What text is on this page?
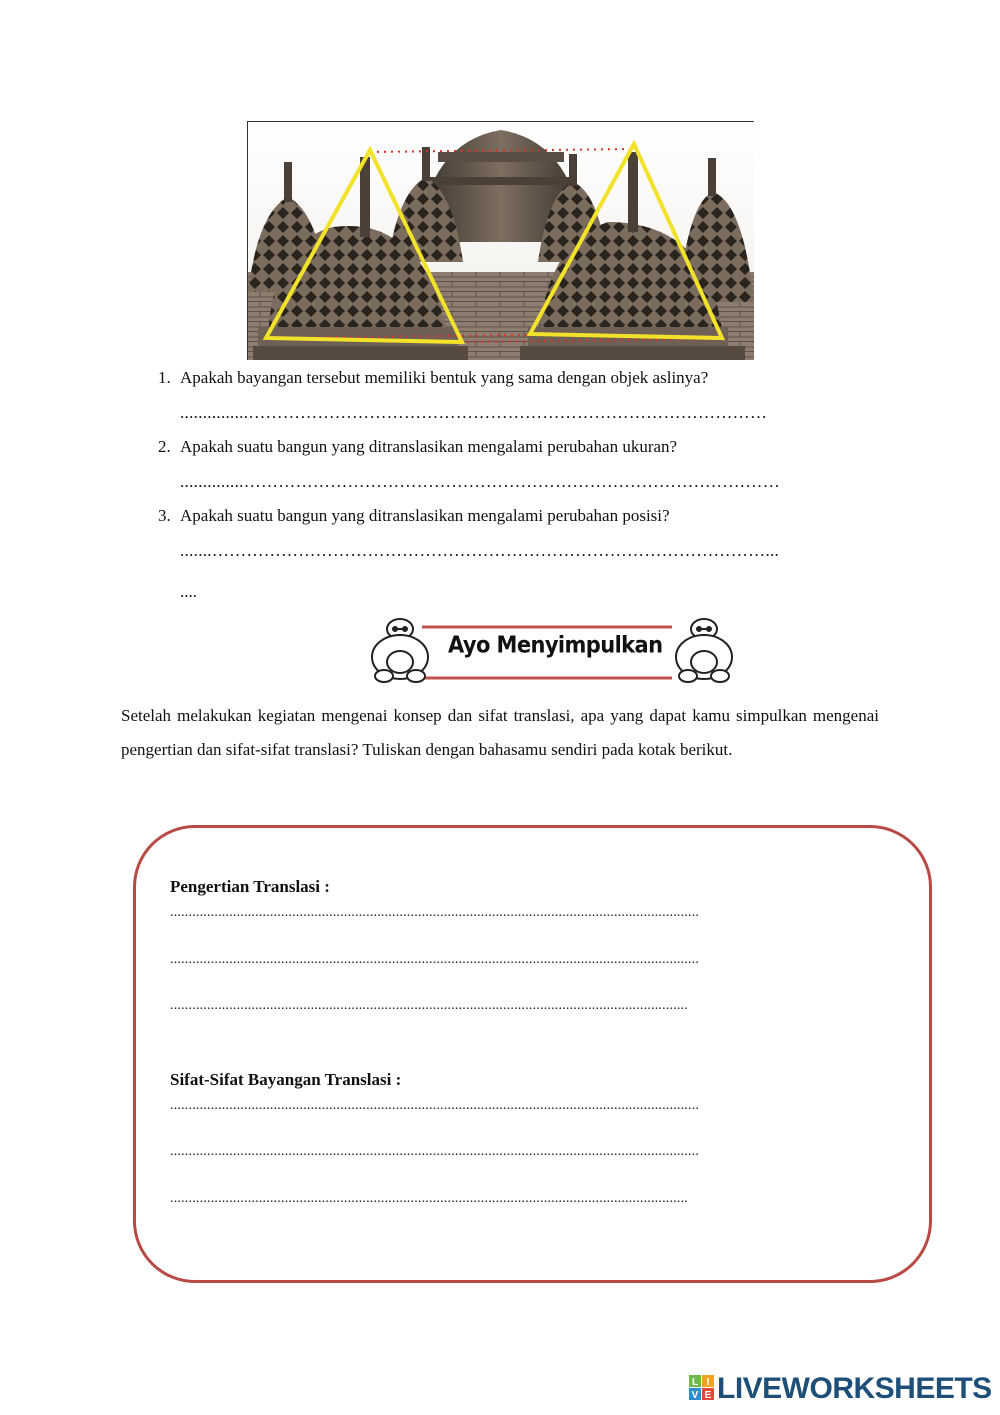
1. Apakah bayangan tersebut memiliki bentuk yang sama dengan objek aslinya?
...............………………………………………………………………………………
2. Apakah suatu bangun yang ditranslasikan mengalami perubahan ukuran?
..............…………………………………………………………………………………
3. Apakah suatu bangun yang ditranslasikan mengalami perubahan posisi?
.......……………………………………………………………………………………...
....
Ayo Menyimpulkan
Setelah melakukan kegiatan mengenai konsep dan sifat translasi, apa yang dapat kamu simpulkan mengenai pengertian dan sifat-sifat translasi? Tuliskan dengan bahasamu sendiri pada kotak berikut.
Pengertian Translasi :
...............................................................................................................................................
...............................................................................................................................................
............................................................................................................................................
Sifat-Sifat Bayangan Translasi :
...............................................................................................................................................
...............................................................................................................................................
............................................................................................................................................
L I
V E LIVEWORKSHEETS
